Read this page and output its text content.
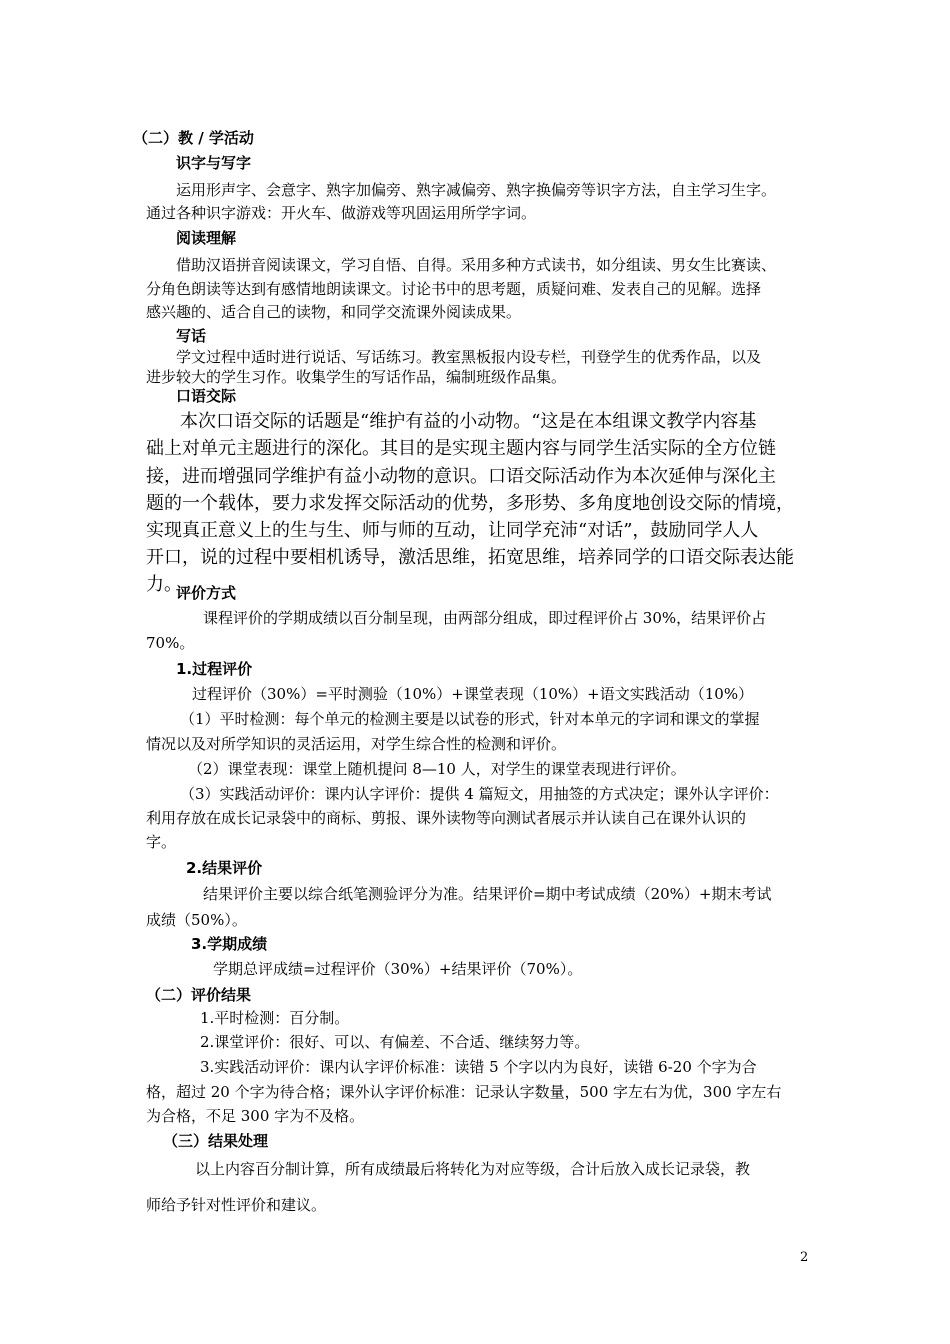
（二）教 / 学活动
识字与写字
运用形声字、会意字、熟字加偏旁、熟字减偏旁、熟字换偏旁等识字方法，自主学习生字。
通过各种识字游戏：开火车、做游戏等巩固运用所学字词。
阅读理解
借助汉语拼音阅读课文，学习自悟、自得。采用多种方式读书，如分组读、男女生比赛读、
分角色朗读等达到有感情地朗读课文。讨论书中的思考题，质疑问难、发表自己的见解。选择
感兴趣的、适合自己的读物，和同学交流课外阅读成果。
写话
学文过程中适时进行说话、写话练习。教室黑板报内设专栏，刊登学生的优秀作品，以及
进步较大的学生习作。收集学生的写话作品，编制班级作品集。
口语交际
本次口语交际的话题是“维护有益的小动物。“这是在本组课文教学内容基
础上对单元主题进行的深化。其目的是实现主题内容与同学生活实际的全方位链
接，进而增强同学维护有益小动物的意识。口语交际活动作为本次延伸与深化主
题的一个载体，要力求发挥交际活动的优势，多形势、多角度地创设交际的情境，
实现真正意义上的生与生、师与师的互动，让同学充沛“对话”，鼓励同学人人
开口，说的过程中要相机诱导，激活思维，拓宽思维，培养同学的口语交际表达能
力。
评价方式
课程评价的学期成绩以百分制呈现，由两部分组成，即过程评价占 30%，结果评价占
70%。
1.过程评价
过程评价（30%）=平时测验（10%）+课堂表现（10%）+语文实践活动（10%）
（1）平时检测：每个单元的检测主要是以试卷的形式，针对本单元的字词和课文的掌握
情况以及对所学知识的灵活运用，对学生综合性的检测和评价。
（2）课堂表现：课堂上随机提问 8—10 人，对学生的课堂表现进行评价。
（3）实践活动评价：课内认字评价：提供 4 篇短文，用抽签的方式决定；课外认字评价：
利用存放在成长记录袋中的商标、剪报、课外读物等向测试者展示并认读自己在课外认识的
字。
2.结果评价
结果评价主要以综合纸笔测验评分为准。结果评价=期中考试成绩（20%）+期末考试
成绩（50%）。
3.学期成绩
学期总评成绩=过程评价（30%）+结果评价（70%）。
（二）评价结果
1.平时检测：百分制。
2.课堂评价：很好、可以、有偏差、不合适、继续努力等。
3.实践活动评价：课内认字评价标准：读错 5 个字以内为良好，读错 6-20 个字为合
格，超过 20 个字为待合格；课外认字评价标准：记录认字数量，500 字左右为优，300 字左右
为合格，不足 300 字为不及格。
（三）结果处理
以上内容百分制计算，所有成绩最后将转化为对应等级，合计后放入成长记录袋，教
师给予针对性评价和建议。
2
